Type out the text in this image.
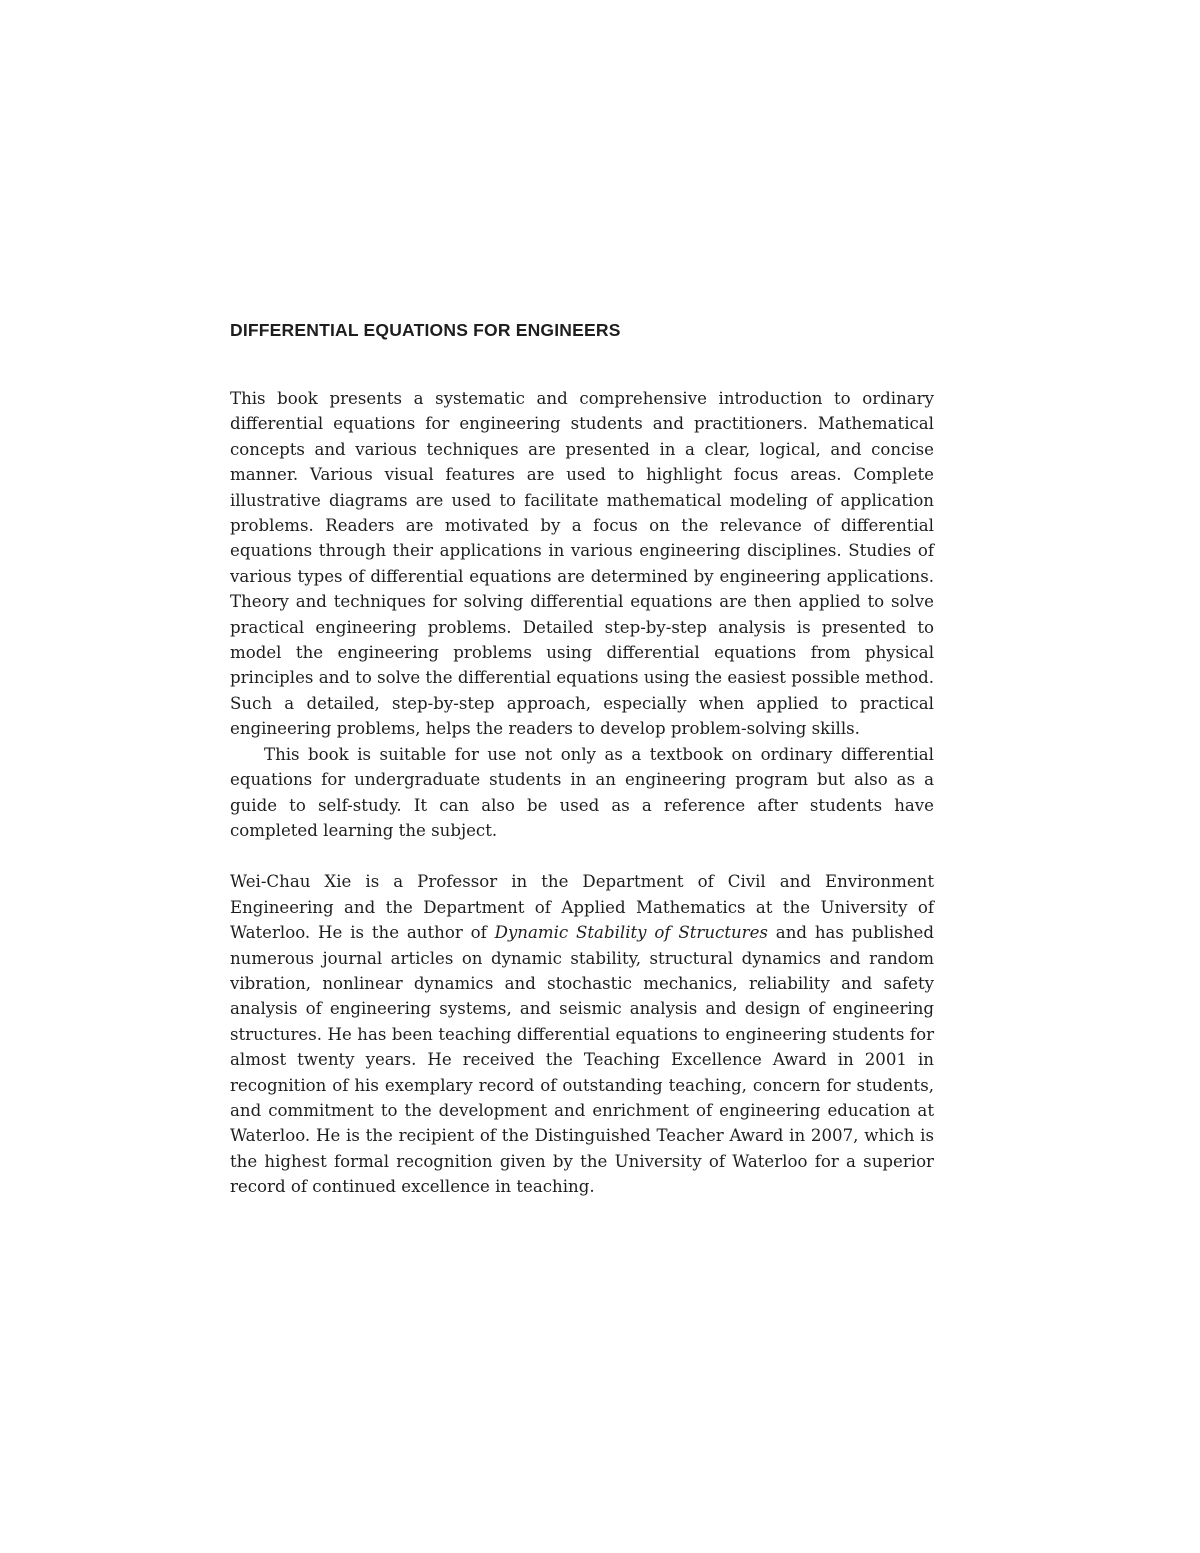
DIFFERENTIAL EQUATIONS FOR ENGINEERS

This book presents a systematic and comprehensive introduction to ordinary differential equations for engineering students and practitioners. Mathematical concepts and various techniques are presented in a clear, logical, and concise manner. Various visual features are used to highlight focus areas. Complete illustrative diagrams are used to facilitate mathematical modeling of application problems. Readers are motivated by a focus on the relevance of differential equations through their applications in various engineering disciplines. Studies of various types of differential equations are determined by engineering applications. Theory and techniques for solving differential equations are then applied to solve practical engineering problems. Detailed step-by-step analysis is presented to model the engineering problems using differential equations from physical principles and to solve the differential equations using the easiest possible method. Such a detailed, step-by-step approach, especially when applied to practical engineering problems, helps the readers to develop problem-solving skills.

This book is suitable for use not only as a textbook on ordinary differential equations for undergraduate students in an engineering program but also as a guide to self-study. It can also be used as a reference after students have completed learning the subject.

Wei-Chau Xie is a Professor in the Department of Civil and Environment Engineering and the Department of Applied Mathematics at the University of Waterloo. He is the author of Dynamic Stability of Structures and has published numerous journal articles on dynamic stability, structural dynamics and random vibration, nonlinear dynamics and stochastic mechanics, reliability and safety analysis of engineering systems, and seismic analysis and design of engineering structures. He has been teaching differential equations to engineering students for almost twenty years. He received the Teaching Excellence Award in 2001 in recognition of his exemplary record of outstanding teaching, concern for students, and commitment to the development and enrichment of engineering education at Waterloo. He is the recipient of the Distinguished Teacher Award in 2007, which is the highest formal recognition given by the University of Waterloo for a superior record of continued excellence in teaching.
